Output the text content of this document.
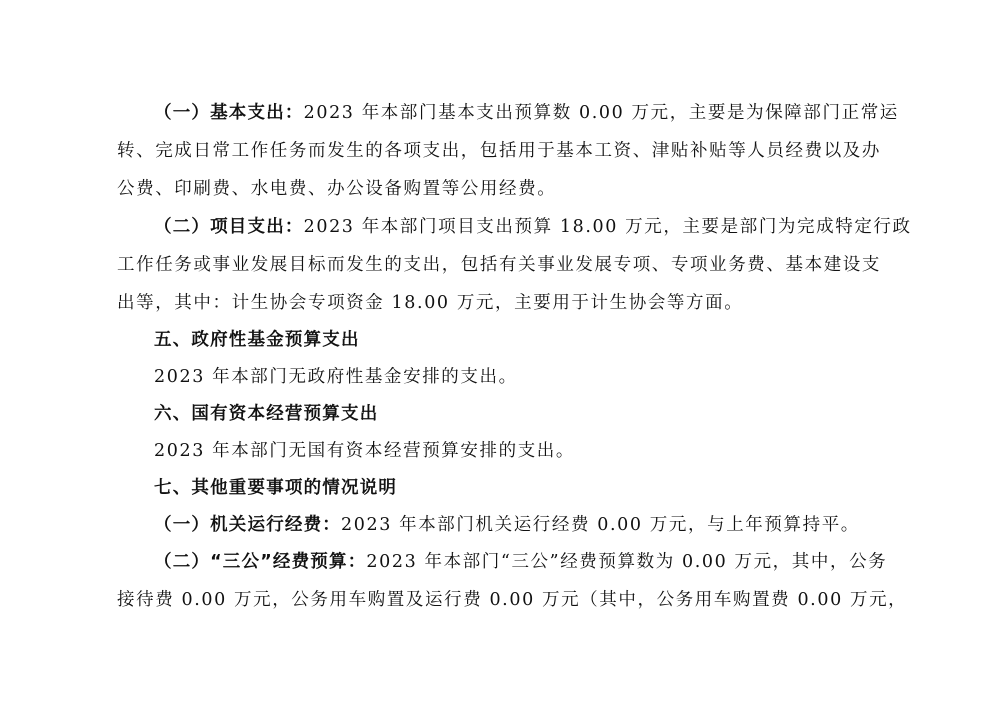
（一）基本支出：2023 年本部门基本支出预算数 0.00 万元，主要是为保障部门正常运
转、完成日常工作任务而发生的各项支出，包括用于基本工资、津贴补贴等人员经费以及办
公费、印刷费、水电费、办公设备购置等公用经费。
（二）项目支出：2023 年本部门项目支出预算 18.00 万元，主要是部门为完成特定行政
工作任务或事业发展目标而发生的支出，包括有关事业发展专项、专项业务费、基本建设支
出等，其中：计生协会专项资金 18.00 万元，主要用于计生协会等方面。
五、政府性基金预算支出
2023 年本部门无政府性基金安排的支出。
六、国有资本经营预算支出
2023 年本部门无国有资本经营预算安排的支出。
七、其他重要事项的情况说明
（一）机关运行经费：2023 年本部门机关运行经费 0.00 万元，与上年预算持平。
（二）“三公”经费预算：2023 年本部门“三公”经费预算数为 0.00 万元，其中，公务
接待费 0.00 万元，公务用车购置及运行费 0.00 万元（其中，公务用车购置费 0.00 万元，
